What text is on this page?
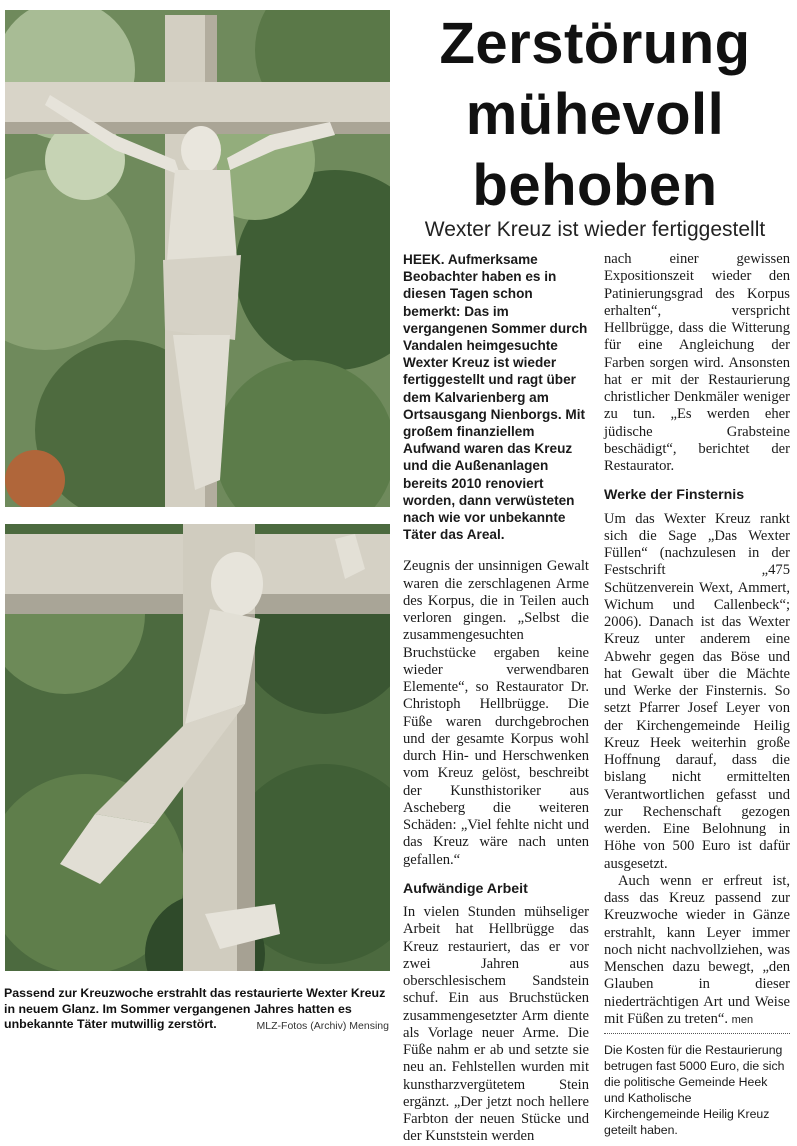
Passend zur Kreuzwoche erstrahlt das restaurierte Wexter Kreuz in neuem Glanz. Im Sommer vergangenen Jahres hatten es unbekannte Täter mutwillig zerstört.	MLZ-Fotos (Archiv) Mensing
Zerstörung
mühevoll
behoben
Wexter Kreuz ist wieder fertiggestellt

HEEK. Aufmerksame Beobachter haben es in diesen Tagen schon bemerkt: Das im vergangenen Sommer durch Vandalen heimgesuchte Wexter Kreuz ist wieder fertiggestellt und ragt über dem Kalvarienberg am Ortsausgang Nienborgs. Mit großem finanziellem Aufwand waren das Kreuz und die Außenanlagen bereits 2010 renoviert worden, dann verwüsteten nach wie vor unbekannte Täter das Areal.

Zeugnis der unsinnigen Gewalt waren die zerschlagenen Arme des Korpus, die in Teilen auch verloren gingen. „Selbst die zusammengesuchten Bruchstücke ergaben keine wieder verwendbaren Elemente“, so Restaurator Dr. Christoph Hellbrügge. Die Füße waren durchgebrochen und der gesamte Korpus wohl durch Hin- und Herschwenken vom Kreuz gelöst, beschreibt der Kunsthistoriker aus Ascheberg die weiteren Schäden: „Viel fehlte nicht und das Kreuz wäre nach unten gefallen.“

Aufwändige Arbeit

In vielen Stunden mühseliger Arbeit hat Hellbrügge das Kreuz restauriert, das er vor zwei Jahren aus oberschlesischem Sandstein schuf. Ein aus Bruchstücken zusammengesetzter Arm diente als Vorlage neuer Arme. Die Füße nahm er ab und setzte sie neu an. Fehlstellen wurden mit kunstharzvergütetem Stein ergänzt. „Der jetzt noch hellere Farbton der neuen Stücke und der Kunststein werden

nach einer gewissen Expositionszeit wieder den Patinierungsgrad des Korpus erhalten“, verspricht Hellbrügge, dass die Witterung für eine Angleichung der Farben sorgen wird. Ansonsten hat er mit der Restaurierung christlicher Denkmäler weniger zu tun. „Es werden eher jüdische Grabsteine beschädigt“, berichtet der Restaurator.

Werke der Finsternis

Um das Wexter Kreuz rankt sich die Sage „Das Wexter Füllen“ (nachzulesen in der Festschrift „475 Schützenverein Wext, Ammert, Wichum und Callenbeck“; 2006). Danach ist das Wexter Kreuz unter anderem eine Abwehr gegen das Böse und hat Gewalt über die Mächte und Werke der Finsternis. So setzt Pfarrer Josef Leyer von der Kirchengemeinde Heilig Kreuz Heek weiterhin große Hoffnung darauf, dass die bislang nicht ermittelten Verantwortlichen gefasst und zur Rechenschaft gezogen werden. Eine Belohnung in Höhe von 500 Euro ist dafür ausgesetzt.

Auch wenn er erfreut ist, dass das Kreuz passend zur Kreuzwoche wieder in Gänze erstrahlt, kann Leyer immer noch nicht nachvollziehen, was Menschen dazu bewegt, „den Glauben in dieser niederträchtigen Art und Weise mit Füßen zu treten“. men

Die Kosten für die Restaurierung betrugen fast 5000 Euro, die sich die politische Gemeinde Heek und Katholische Kirchengemeinde Heilig Kreuz geteilt haben.
